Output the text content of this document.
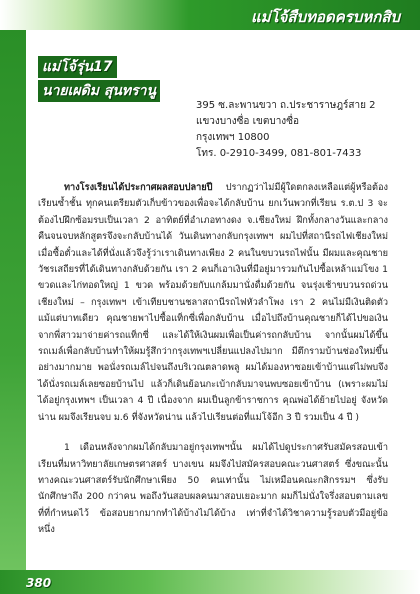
แม่โจ้สืบทอดครบหกสิบ
แม่โจ้รุ่น17
นายเผดิม สุนทรานู
395 ซ.ละพานขวา ถ.ประชาราษฎร์สาย 2
แขวงบางซื่อ เขตบางซื่อ
กรุงเทพฯ 10800
โทร. 0-2910-3499, 081-801-7433

ทางโรงเรียนได้ประกาศผลสอบปลายปี ปรากฏว่าไม่มีผู้ใดตกลงเหลือแต่ผู้หรือต้องเรียนซ้ำชั้น ทุกคนเตรียมตัวเก็บข้าวของเพื่อจะได้กลับบ้าน ยกเว้นพวกที่เรียน ร.ต.ป 3 จะต้องไปฝึกซ้อมรบเป็นเวลา 2 อาทิตย์ที่อำเภอทางดง จ.เชียงใหม่ ฝึกทั้งกลางวันและกลางคืนจนจบหลักสูตรจึงจะกลับบ้านได้ วันเดินทางกลับกรุงเทพฯ ผมไปที่สถานีรถไฟเชียงใหม่ เมื่อซื้อตั๋วและได้ที่นั่งแล้วจึงรู้ว่าเราเดินทางเพียง 2 คนในขบวนรถไฟนั้น มีผมและคุณชาย วัชรเสถียรที่ได้เดินทางกลับด้วยกัน เรา 2 คนก็เอาเงินที่มีอยู่มารวมกันไปซื้อเหล้าแม่โขง 1 ขวดและไก่ทอดใหญ่ 1 ขวด พร้อมด้วยกับแกล้มมานั่งดื่มด้วยกัน จนรุ่งเช้าขบวนรถด่วน เชียงใหม่ – กรุงเทพฯ เข้าเทียบชานชลาสถานีรถไฟหัวลำโพง เรา 2 คนไม่มีเงินติดตัวแม้แต่บาทเดียว คุณชายพาไปซื้อแท็กซี่เพื่อกลับบ้าน เมื่อไปถึงบ้านคุณชายก็ได้ไปขอเงินจากพี่สาวมาจ่ายค่ารถแท็กซี่ และได้ให้เงินผมเพื่อเป็นค่ารถกลับบ้าน จากนั้นผมได้ขึ้นรถเมล์เพื่อกลับบ้านทำให้ผมรู้สึกว่ากรุงเทพฯเปลี่ยนแปลงไปมาก มีตึกรามบ้านช่องใหม่ขึ้นอย่างมากมาย พอนั่งรถเมล์ไปจนถึงบริเวณตลาดพลู ผมได้มองหาซอยเข้าบ้านแต่ไม่พบจึงได้นั่งรถเมล์เลยซอยบ้านไป แล้วก็เดินย้อนกะเบ้ากลับมาจนพบซอยเข้าบ้าน (เพราะผมไม่ได้อยู่กรุงเทพฯ เป็นเวลา 4 ปี เนื่องจาก ผมเป็นลูกข้าราชการ คุณพ่อได้ย้ายไปอยู่ จังหวัดน่าน ผมจึงเรียนจบ ม.6 ที่จังหวัดน่าน แล้วไปเรียนต่อที่แม่โจ้อีก 3 ปี รวมเป็น 4 ปี )

1 เดือนหลังจากผมได้กลับมาอยู่กรุงเทพฯนั้น ผมได้ไปดูประกาศรับสมัครสอบเข้าเรียนที่มหาวิทยาลัยเกษตรศาสตร์ บางเขน ผมจึงไปสมัครสอบคณะวนศาสตร์ ซึ่งขณะนั้นทางคณะวนศาสตร์รับนักศึกษาเพียง 50 คนเท่านั้น ไม่เหมือนคณะกสิกรรมฯ ซึ่งรับนักศึกษาถึง 200 กว่าคน พอถึงวันสอบผลคนมาสอบเยอะมาก ผมก็ไม่นั่งใจรึ่งสอบตามเลขที่ที่กำหนดไว้ ข้อสอบยากมากทำได้บ้างไม่ได้บ้าง เท่าที่จำได้วิชาความรู้รอบตัวมีอยู่ข้อหนึ่ง

380
